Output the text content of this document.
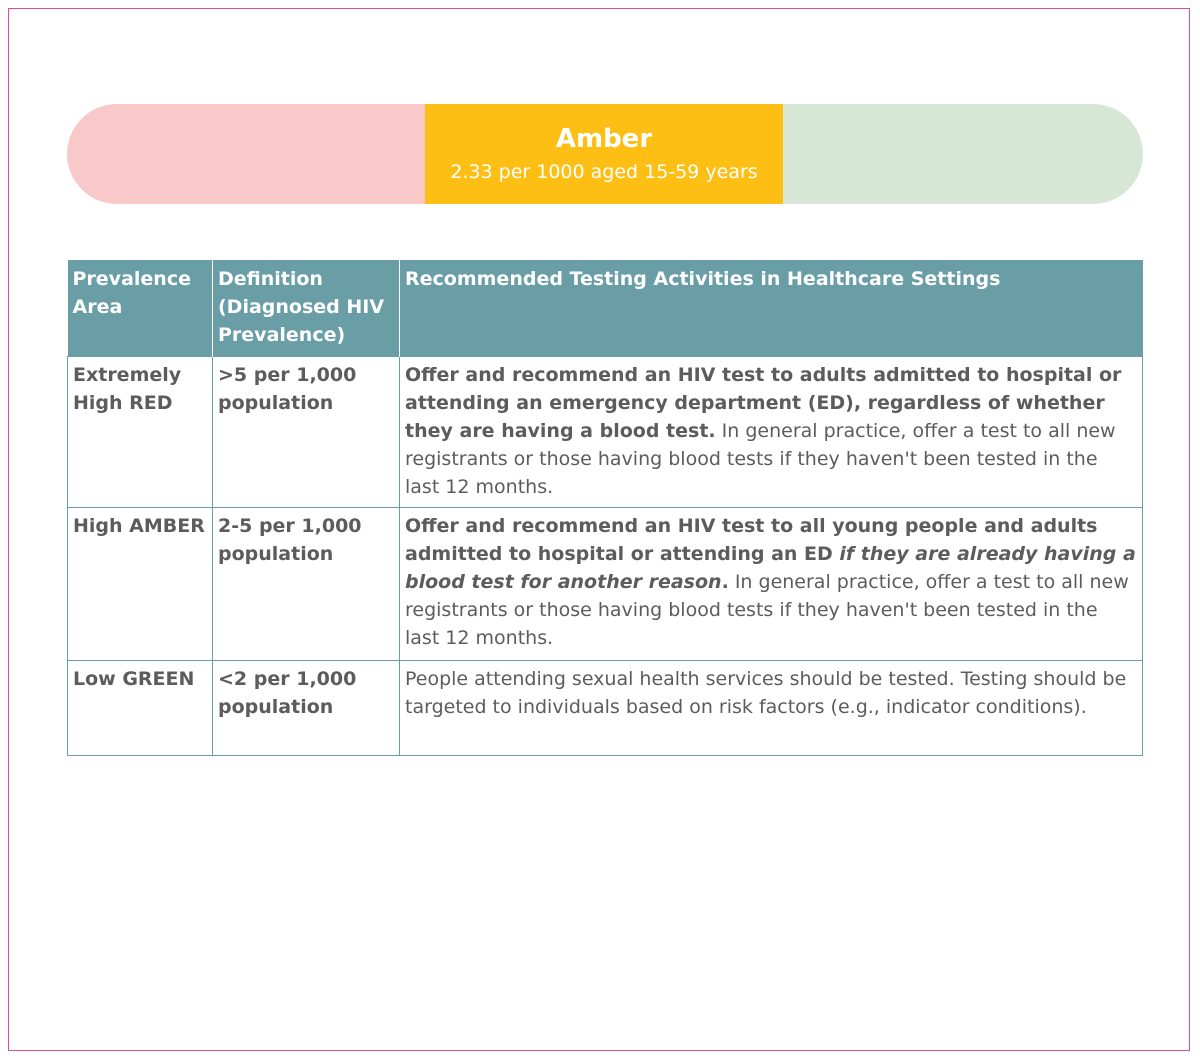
Amber
2.33 per 1000 aged 15-59 years
Prevalence Area	Definition (Diagnosed HIV Prevalence)	Recommended Testing Activities in Healthcare Settings
Extremely High RED	>5 per 1,000 population	Offer and recommend an HIV test to adults admitted to hospital or attending an emergency department (ED), regardless of whether they are having a blood test. In general practice, offer a test to all new registrants or those having blood tests if they haven't been tested in the last 12 months.
High AMBER	2-5 per 1,000 population	Offer and recommend an HIV test to all young people and adults admitted to hospital or attending an ED if they are already having a blood test for another reason. In general practice, offer a test to all new registrants or those having blood tests if they haven't been tested in the last 12 months.
Low GREEN	<2 per 1,000 population	People attending sexual health services should be tested. Testing should be targeted to individuals based on risk factors (e.g., indicator conditions).
